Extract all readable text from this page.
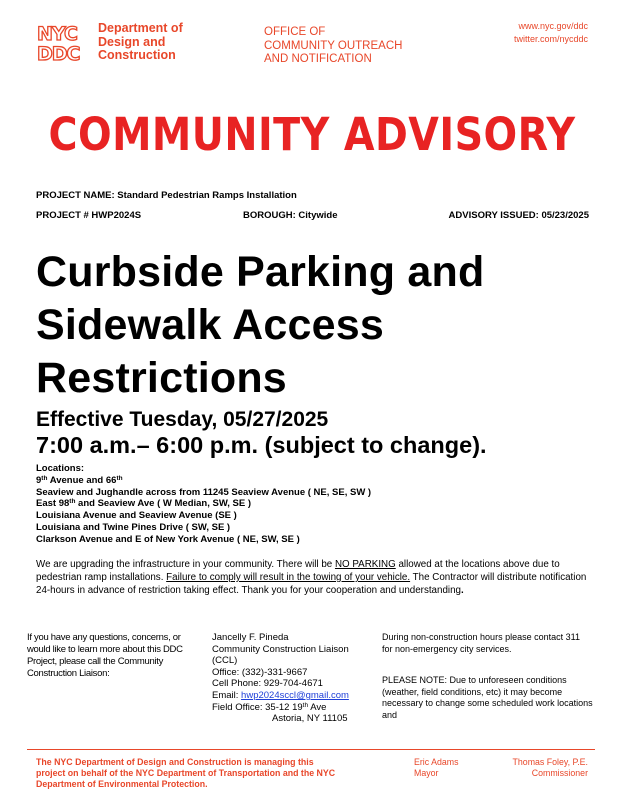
NYC
DDC
Department of
Design and
Construction
OFFICE OF
COMMUNITY OUTREACH
AND NOTIFICATION
www.nyc.gov/ddc
twitter.com/nycddc
COMMUNITY ADVISORY
PROJECT NAME: Standard Pedestrian Ramps Installation
PROJECT # HWP2024S	BOROUGH: Citywide	ADVISORY ISSUED: 05/23/2025
Curbside Parking and
Sidewalk Access
Restrictions
Effective Tuesday, 05/27/2025
7:00 a.m.– 6:00 p.m. (subject to change).
Locations:
9th Avenue and 66th
Seaview and Jughandle across from 11245 Seaview Avenue ( NE, SE, SW )
East 98th and Seaview Ave ( W Median, SW, SE )
Louisiana Avenue and Seaview Avenue (SE )
Louisiana and Twine Pines Drive ( SW, SE )
Clarkson Avenue and E of New York Avenue ( NE, SW, SE )
We are upgrading the infrastructure in your community. There will be NO PARKING allowed at the locations above due to pedestrian ramp installations. Failure to comply will result in the towing of your vehicle. The Contractor will distribute notification 24-hours in advance of restriction taking effect. Thank you for your cooperation and understanding.
If you have any questions, concerns, or would like to learn more about this DDC Project, please call the Community Construction Liaison:
Jancelly F. Pineda
Community Construction Liaison
(CCL)
Office: (332)-331-9667
Cell Phone: 929-704-4671
Email: hwp2024sccl@gmail.com
Field Office: 35-12 19th Ave
Astoria, NY 11105
During non-construction hours please contact 311 for non-emergency city services.
PLEASE NOTE: Due to unforeseen conditions (weather, field conditions, etc) it may become necessary to change some scheduled work locations and
The NYC Department of Design and Construction is managing this project on behalf of the NYC Department of Transportation and the NYC Department of Environmental Protection.
Eric Adams
Mayor
Thomas Foley, P.E.
Commissioner
